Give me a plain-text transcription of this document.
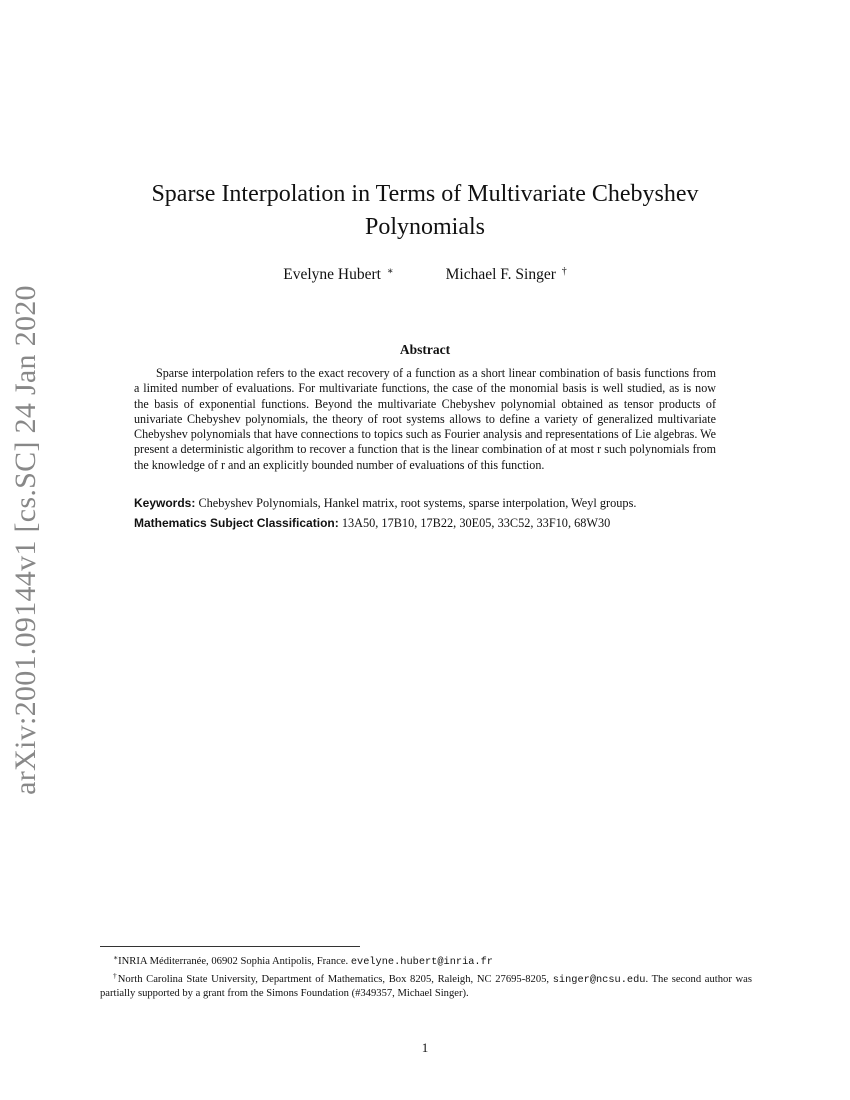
arXiv:2001.09144v1 [cs.SC] 24 Jan 2020
Sparse Interpolation in Terms of Multivariate Chebyshev
Polynomials
Evelyne Hubert ∗	Michael F. Singer †
Abstract
Sparse interpolation refers to the exact recovery of a function as a short linear combination of basis functions from a limited number of evaluations. For multivariate functions, the case of the monomial basis is well studied, as is now the basis of exponential functions. Beyond the multivariate Chebyshev polynomial obtained as tensor products of univariate Chebyshev polynomials, the theory of root systems allows to define a variety of generalized multivariate Chebyshev polynomials that have connections to topics such as Fourier analysis and representations of Lie algebras. We present a deterministic algorithm to recover a function that is the linear combination of at most r such polynomials from the knowledge of r and an explicitly bounded number of evaluations of this function.
Keywords: Chebyshev Polynomials, Hankel matrix, root systems, sparse interpolation, Weyl groups.
Mathematics Subject Classification: 13A50, 17B10, 17B22, 30E05, 33C52, 33F10, 68W30

∗INRIA Méditerranée, 06902 Sophia Antipolis, France. evelyne.hubert@inria.fr

†North Carolina State University, Department of Mathematics, Box 8205, Raleigh, NC 27695-8205, singer@ncsu.edu. The second author was partially supported by a grant from the Simons Foundation (#349357, Michael Singer).

1
